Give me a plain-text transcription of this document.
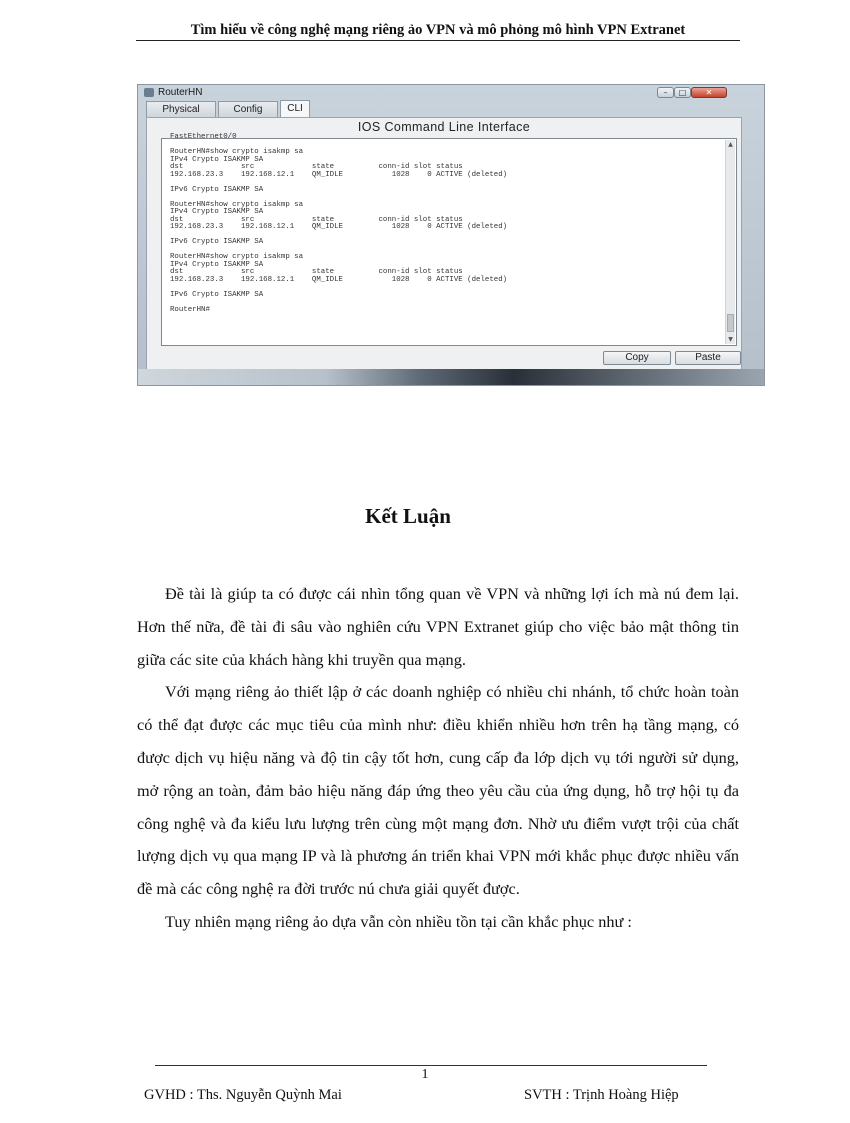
Tìm hiểu về công nghệ mạng riêng ảo VPN và mô phỏng mô hình VPN Extranet
RouterHN	–	□	✕
Physical	Config	CLI
IOS Command Line Interface
FastEthernet0/0
RouterHN#show crypto isakmp sa
IPv4 Crypto ISAKMP SA
dst             src             state          conn-id slot status
192.168.23.3    192.168.12.1    QM_IDLE           1028    0 ACTIVE (deleted)
IPv6 Crypto ISAKMP SA
RouterHN#show crypto isakmp sa
IPv4 Crypto ISAKMP SA
dst             src             state          conn-id slot status
192.168.23.3    192.168.12.1    QM_IDLE           1028    0 ACTIVE (deleted)
IPv6 Crypto ISAKMP SA
RouterHN#show crypto isakmp sa
IPv4 Crypto ISAKMP SA
dst             src             state          conn-id slot status
192.168.23.3    192.168.12.1    QM_IDLE           1028    0 ACTIVE (deleted)
IPv6 Crypto ISAKMP SA
RouterHN#
▲
▼
Copy	Paste
Kết Luận

Đề tài là giúp ta có được cái nhìn tổng quan về VPN và những lợi ích mà nú đem lại. Hơn thế nữa, đề tài đi sâu vào nghiên cứu VPN Extranet giúp cho việc bảo mật thông tin giữa các site của khách hàng khi truyền qua mạng.

Với mạng riêng ảo thiết lập ở các doanh nghiệp có nhiều chi nhánh, tổ chức hoàn toàn có thể đạt được các mục tiêu của mình như: điều khiển nhiều hơn trên hạ tầng mạng, có được dịch vụ hiệu năng và độ tin cậy tốt hơn, cung cấp đa lớp dịch vụ tới người sử dụng, mở rộng an toàn, đảm bảo hiệu năng đáp ứng theo yêu cầu của ứng dụng, hỗ trợ hội tụ đa công nghệ và đa kiểu lưu lượng trên cùng một mạng đơn. Nhờ ưu điểm vượt trội của chất lượng dịch vụ qua mạng IP và là phương án triển khai VPN mới khắc phục được nhiều vấn đề mà các công nghệ ra đời trước nú chưa giải quyết được.

Tuy nhiên mạng riêng ảo dựa vẫn còn nhiều tồn tại cần khắc phục như :

1
GVHD : Ths. Nguyễn Quỳnh Mai	SVTH : Trịnh Hoàng Hiệp
